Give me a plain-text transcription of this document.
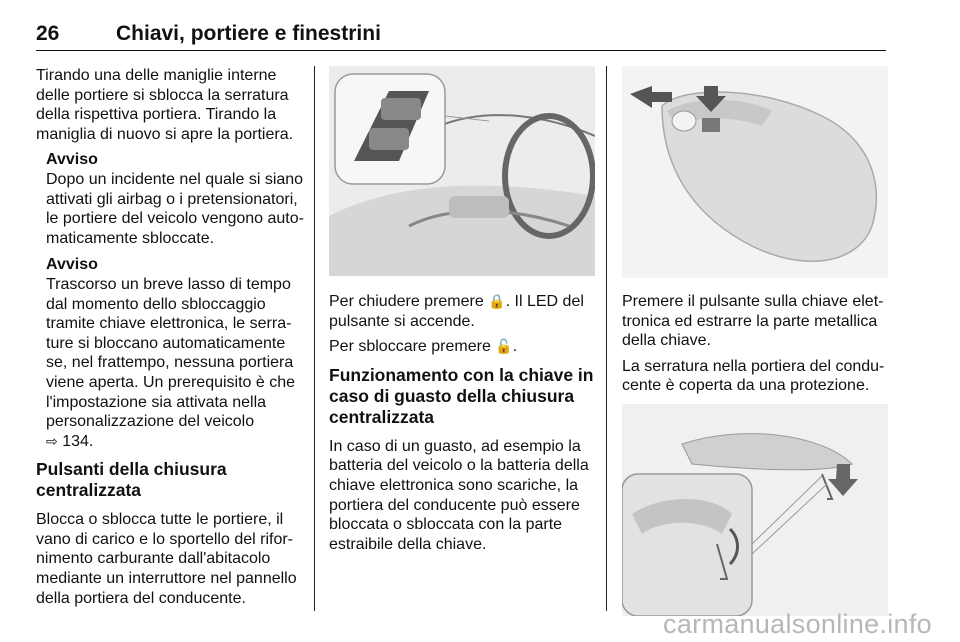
26	Chiavi, portiere e finestrini

Tirando una delle maniglie interne delle portiere si sblocca la serratura della rispettiva portiera. Tirando la maniglia di nuovo si apre la portiera.

Avviso
Dopo un incidente nel quale si siano attivati gli airbag o i pretensionatori, le portiere del veicolo vengono auto-maticamente sbloccate.
Avviso
Trascorso un breve lasso di tempo dal momento dello sbloccaggio tramite chiave elettronica, le serra-ture si bloccano automaticamente se, nel frattempo, nessuna portiera viene aperta. Un prerequisito è che l'impostazione sia attivata nella personalizzazione del veicolo
⇨ 134.
Pulsanti della chiusura centralizzata

Blocca o sblocca tutte le portiere, il vano di carico e lo sportello del rifor-nimento carburante dall'abitacolo mediante un interruttore nel pannello della portiera del conducente.

Per chiudere premere 🔒. Il LED del pulsante si accende.

Per sbloccare premere 🔓.

Funzionamento con la chiave in caso di guasto della chiusura centralizzata

In caso di un guasto, ad esempio la batteria del veicolo o la batteria della chiave elettronica sono scariche, la portiera del conducente può essere bloccata o sbloccata con la parte estraibile della chiave.

Premere il pulsante sulla chiave elet-tronica ed estrarre la parte metallica della chiave.

La serratura nella portiera del condu-cente è coperta da una protezione.

carmanualsonline.info
